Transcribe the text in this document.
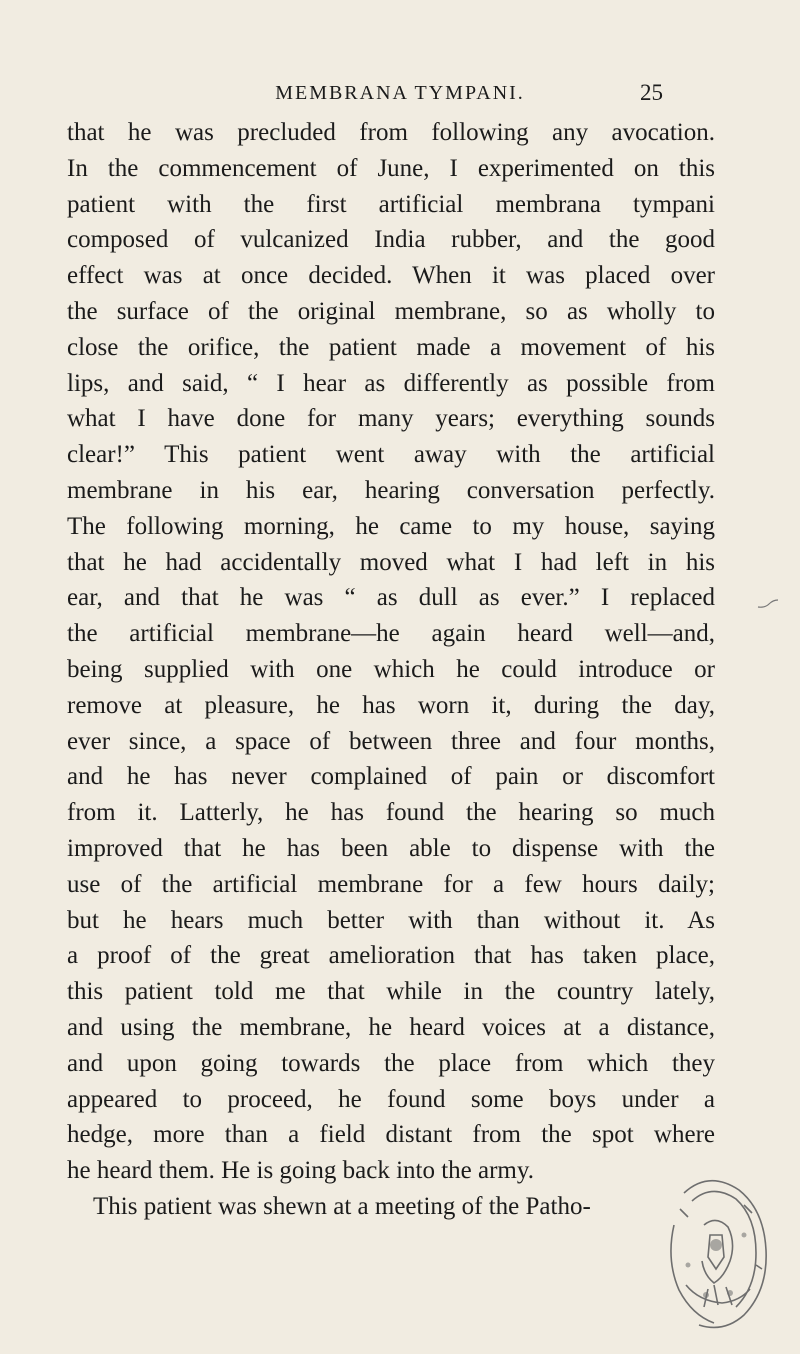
MEMBRANA TYMPANI.	25
that he was precluded from following any avocation.
In the commencement of June, I experimented on this
patient with the first artificial membrana tympani
composed of vulcanized India rubber, and the good
effect was at once decided. When it was placed over
the surface of the original membrane, so as wholly to
close the orifice, the patient made a movement of his
lips, and said, “ I hear as differently as possible from
what I have done for many years; everything sounds
clear!” This patient went away with the artificial
membrane in his ear, hearing conversation perfectly.
The following morning, he came to my house, saying
that he had accidentally moved what I had left in his
ear, and that he was “ as dull as ever.” I replaced
the artificial membrane—he again heard well—and,
being supplied with one which he could introduce or
remove at pleasure, he has worn it, during the day,
ever since, a space of between three and four months,
and he has never complained of pain or discomfort
from it. Latterly, he has found the hearing so much
improved that he has been able to dispense with the
use of the artificial membrane for a few hours daily;
but he hears much better with than without it. As
a proof of the great amelioration that has taken place,
this patient told me that while in the country lately,
and using the membrane, he heard voices at a distance,
and upon going towards the place from which they
appeared to proceed, he found some boys under a
hedge, more than a field distant from the spot where
he heard them. He is going back into the army.
This patient was shewn at a meeting of the Patho-
